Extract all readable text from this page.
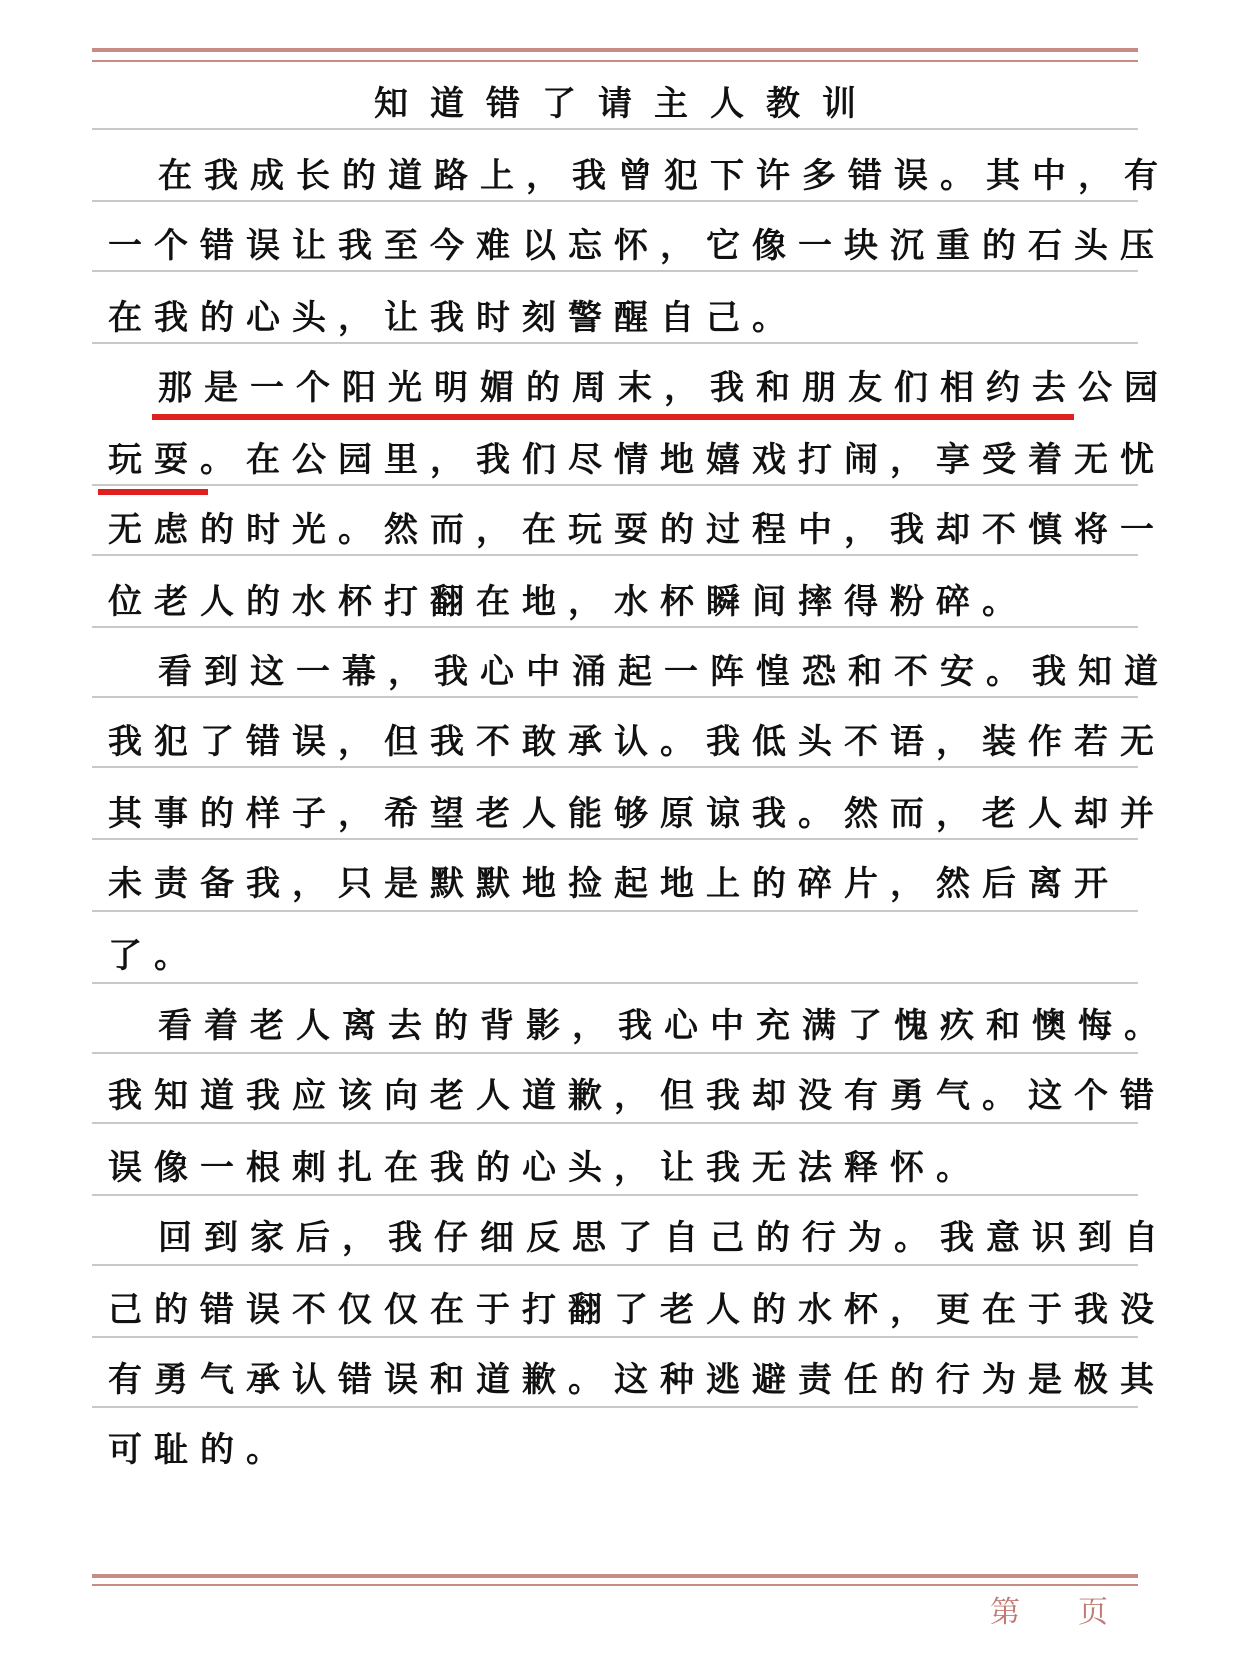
知道错了请主人教训
在我成长的道路上，我曾犯下许多错误。其中，有
一个错误让我至今难以忘怀，它像一块沉重的石头压
在我的心头，让我时刻警醒自己。
那是一个阳光明媚的周末，我和朋友们相约去公园
玩耍。在公园里，我们尽情地嬉戏打闹，享受着无忧
无虑的时光。然而，在玩耍的过程中，我却不慎将一
位老人的水杯打翻在地，水杯瞬间摔得粉碎。
看到这一幕，我心中涌起一阵惶恐和不安。我知道
我犯了错误，但我不敢承认。我低头不语，装作若无
其事的样子，希望老人能够原谅我。然而，老人却并
未责备我，只是默默地捡起地上的碎片，然后离开
了。
看着老人离去的背影，我心中充满了愧疚和懊悔。
我知道我应该向老人道歉，但我却没有勇气。这个错
误像一根刺扎在我的心头，让我无法释怀。
回到家后，我仔细反思了自己的行为。我意识到自
己的错误不仅仅在于打翻了老人的水杯，更在于我没
有勇气承认错误和道歉。这种逃避责任的行为是极其
可耻的。
第 页
